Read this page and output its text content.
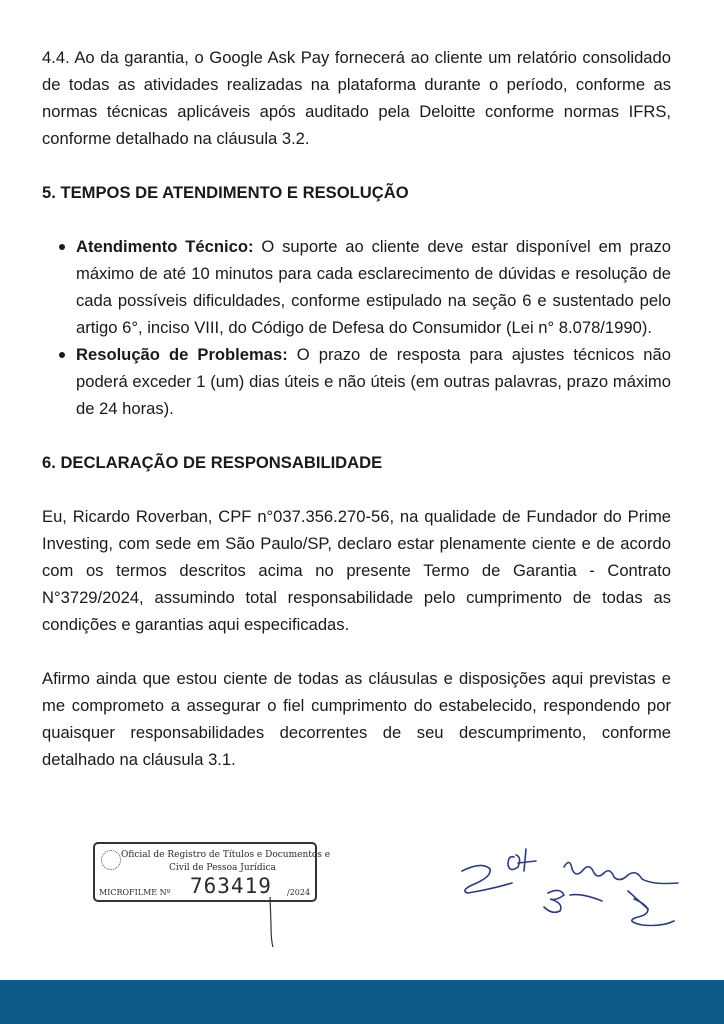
4.4. Ao da garantia, o Google Ask Pay fornecerá ao cliente um relatório consolidado de todas as atividades realizadas na plataforma durante o período, conforme as normas técnicas aplicáveis após auditado pela Deloitte conforme normas IFRS, conforme detalhado na cláusula 3.2.

5. TEMPOS DE ATENDIMENTO E RESOLUÇÃO
Atendimento Técnico: O suporte ao cliente deve estar disponível em prazo máximo de até 10 minutos para cada esclarecimento de dúvidas e resolução de cada possíveis dificuldades, conforme estipulado na seção 6 e sustentado pelo artigo 6°, inciso VIII, do Código de Defesa do Consumidor (Lei n° 8.078/1990).
Resolução de Problemas: O prazo de resposta para ajustes técnicos não poderá exceder 1 (um) dias úteis e não úteis (em outras palavras, prazo máximo de 24 horas).
6. DECLARAÇÃO DE RESPONSABILIDADE

Eu, Ricardo Roverban, CPF n°037.356.270-56, na qualidade de Fundador do Prime Investing, com sede em São Paulo/SP, declaro estar plenamente ciente e de acordo com os termos descritos acima no presente Termo de Garantia - Contrato N°3729/2024, assumindo total responsabilidade pelo cumprimento de todas as condições e garantias aqui especificadas.

Afirmo ainda que estou ciente de todas as cláusulas e disposições aqui previstas e me comprometo a assegurar o fiel cumprimento do estabelecido, respondendo por quaisquer responsabilidades decorrentes de seu descumprimento, conforme detalhado na cláusula 3.1.

Oficial de Registro de Títulos e Documentos e
Civil de Pessoa Jurídica
MICROFILME Nº 763419 /2024
